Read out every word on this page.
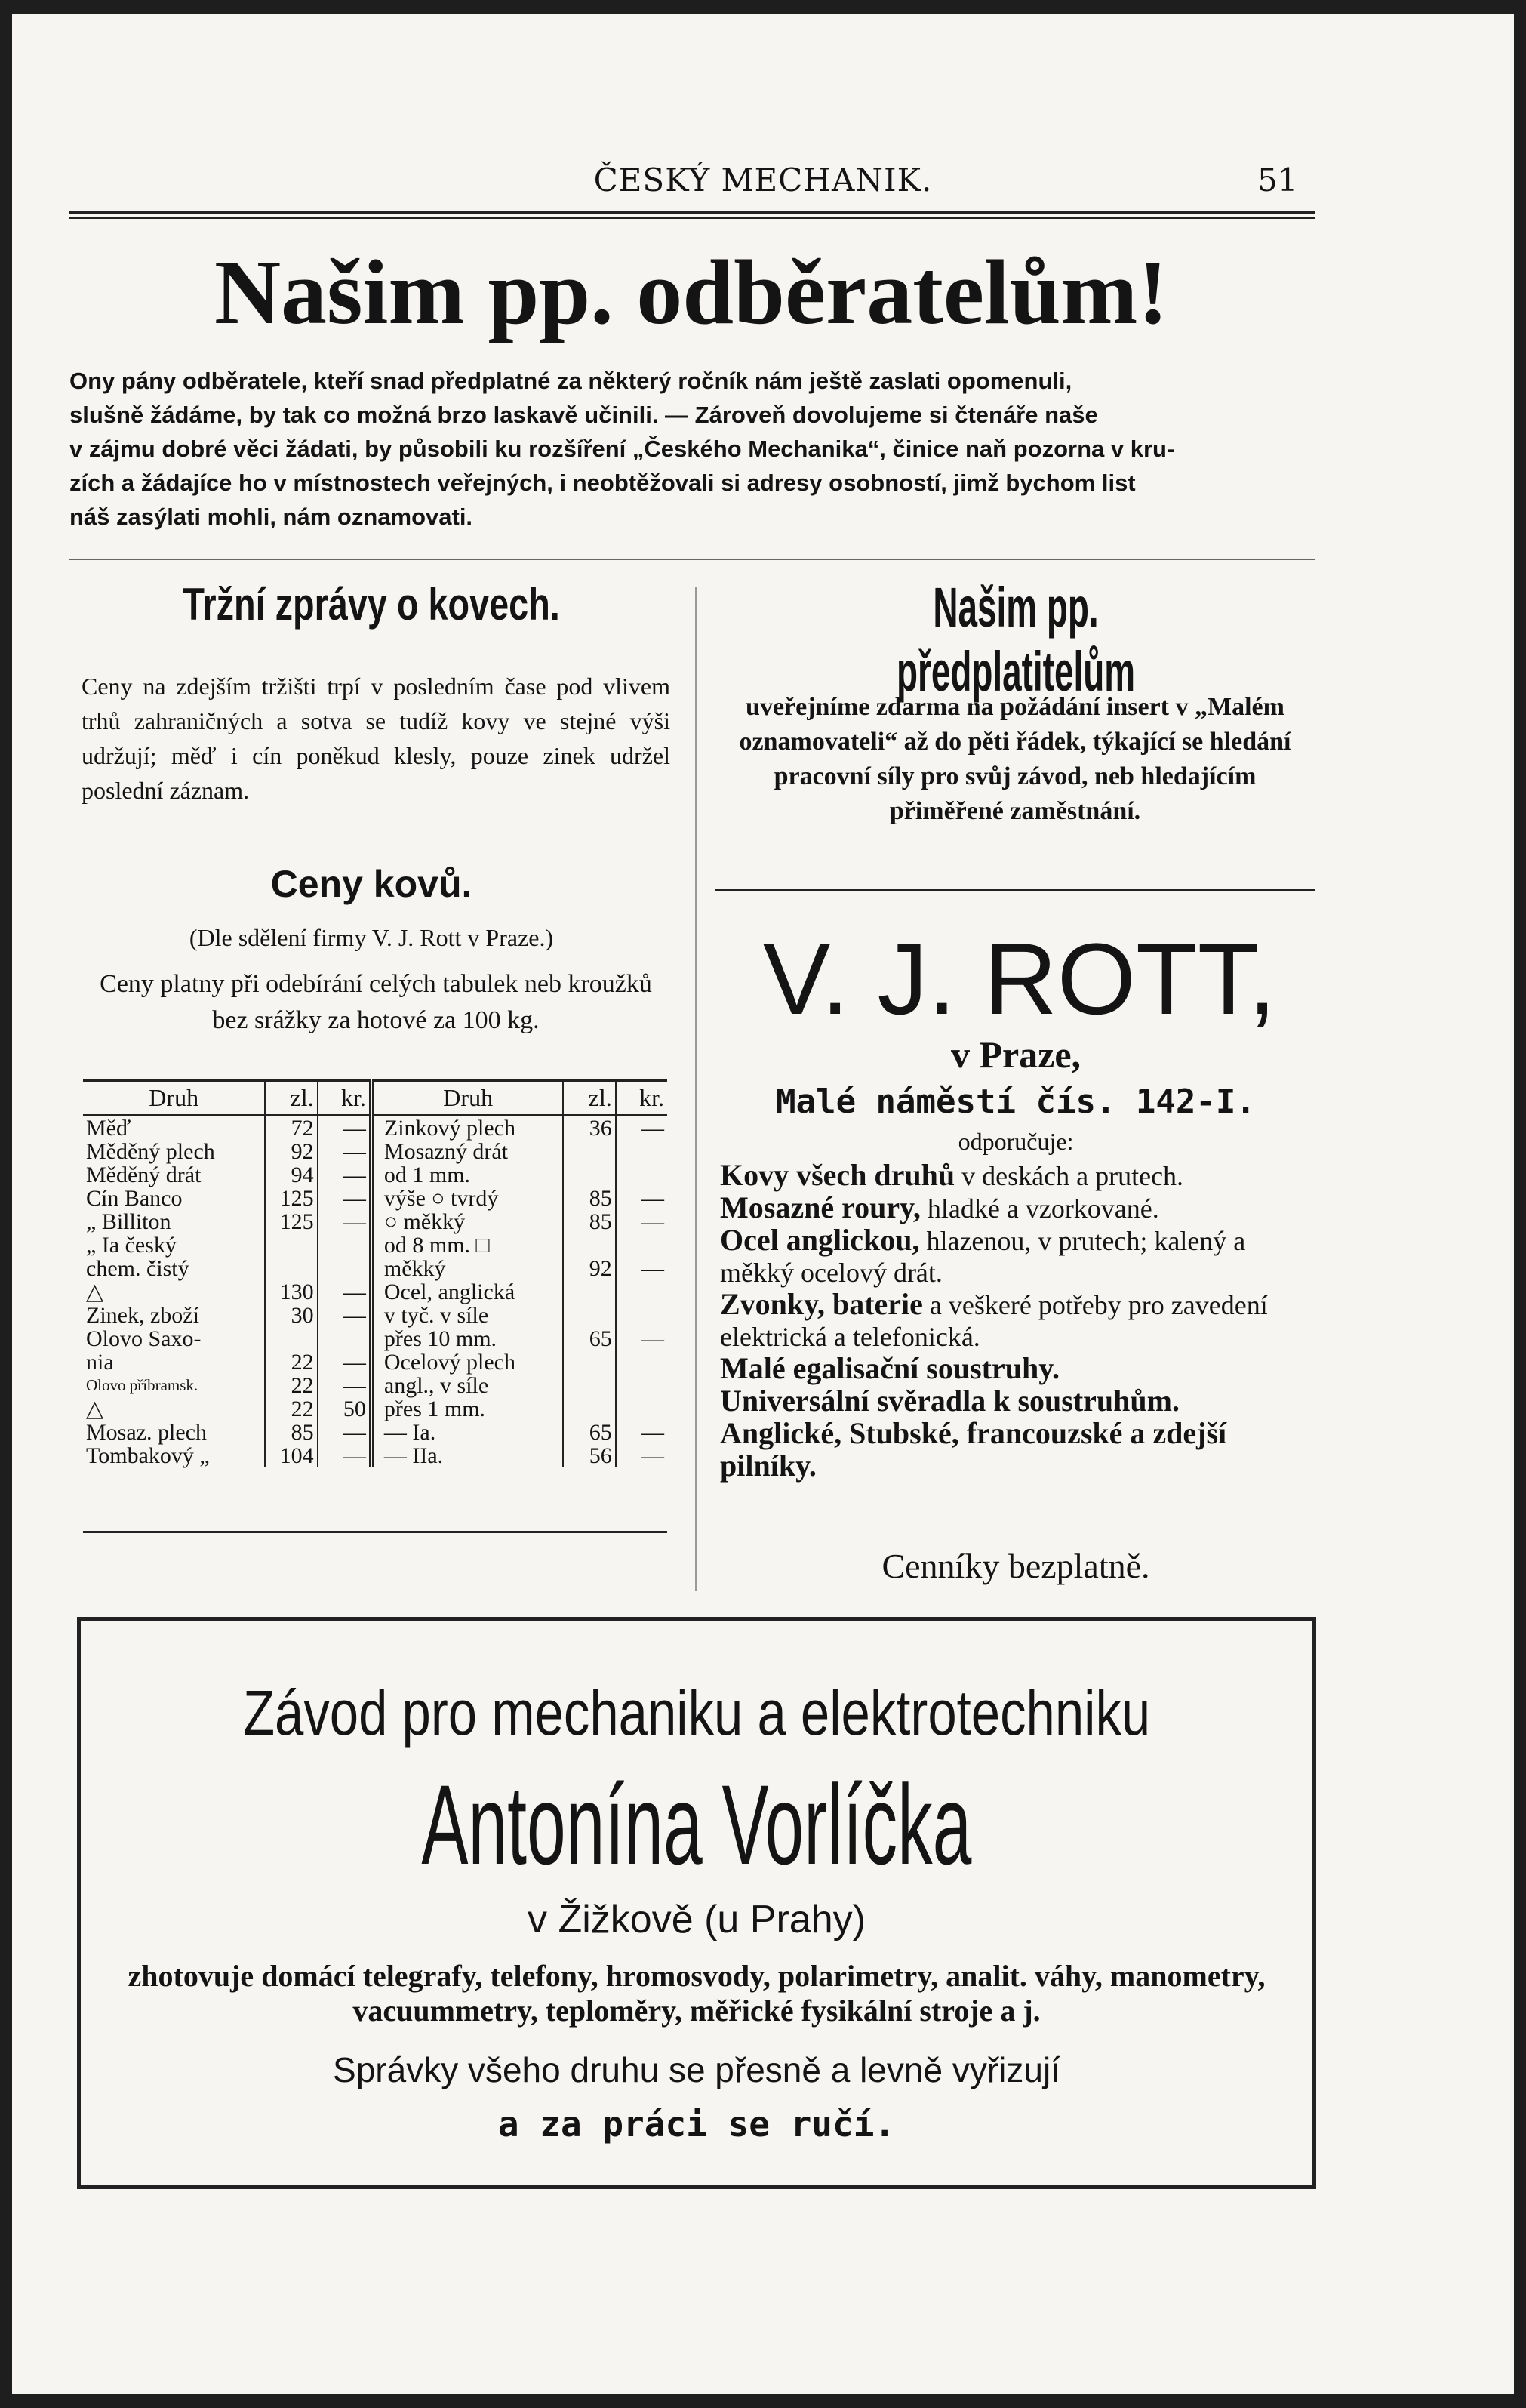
ČESKÝ MECHANIK.	51
Našim pp. odběratelům!
Ony pány odběratele, kteří snad předplatné za některý ročník nám ještě zaslati opomenuli,
slušně žádáme, by tak co možná brzo laskavě učinili. — Zároveň dovolujeme si čtenáře naše
v zájmu dobré věci žádati, by působili ku rozšíření „Českého Mechanika“, činice naň pozorna v kru-
zích a žádajíce ho v místnostech veřejných, i neobtěžovali si adresy osobností, jimž bychom list
náš zasýlati mohli, nám oznamovati.
Tržní zprávy o kovech.
Ceny na zdejším tržišti trpí v posledním čase pod vlivem trhů zahraničných a sotva se tudíž kovy ve stejné výši udržují; měď i cín poněkud klesly, pouze zinek udržel poslední záznam.
Ceny kovů.
(Dle sdělení firmy V. J. Rott v Praze.)
Ceny platny při odebírání celých tabulek neb kroužků bez srážky za hotové za 100 kg.
Druh	zl.	kr.	Druh	zl.	kr.
Měď	72	—	Zinkový plech	36	—
Měděný plech	92	—	Mosazný drát		
Měděný drát	94	—	od 1 mm.		
Cín Banco	125	—	výše ○ tvrdý	85	—
„ Billiton	125	—	○ měkký	85	—
„ Ia český			od 8 mm. □		
chem. čistý			měkký	92	—
△	130	—	Ocel, anglická		
Zinek, zboží	30	—	v tyč. v síle		
Olovo Saxo-			přes 10 mm.	65	—
nia	22	—	Ocelový plech		
Olovo příbramsk.	22	—	angl., v síle		
△	22	50	přes 1 mm.		
Mosaz. plech	85	—	— Ia.	65	—
Tombakový „	104	—	— IIa.	56	—
Našim pp. předplatitelům
uveřejníme zdarma na požádání insert v „Malém oznamovateli“ až do pěti řádek, týkající se hledání pracovní síly pro svůj závod, neb hledajícím přiměřené zaměstnání.
V. J. ROTT,
v Praze,
Malé náměstí čís. 142-I.
odporučuje:
Kovy všech druhů v deskách a prutech.
Mosazné roury, hladké a vzorkované.
Ocel anglickou, hlazenou, v prutech; kalený a měkký ocelový drát.
Zvonky, baterie a veškeré potřeby pro zavedení elektrická a telefonická.
Malé egalisační soustruhy.
Universální svěradla k soustruhům.
Anglické, Stubské, francouzské a zdejší pilníky.
Cenníky bezplatně.
Závod pro mechaniku a elektrotechniku
Antonína Vorlíčka
v Žižkově (u Prahy)
zhotovuje domácí telegrafy, telefony, hromosvody, polarimetry, analit. váhy, manometry, vacuummetry, teploměry, měřické fysikální stroje a j.
Správky všeho druhu se přesně a levně vyřizují
a za práci se ručí.
